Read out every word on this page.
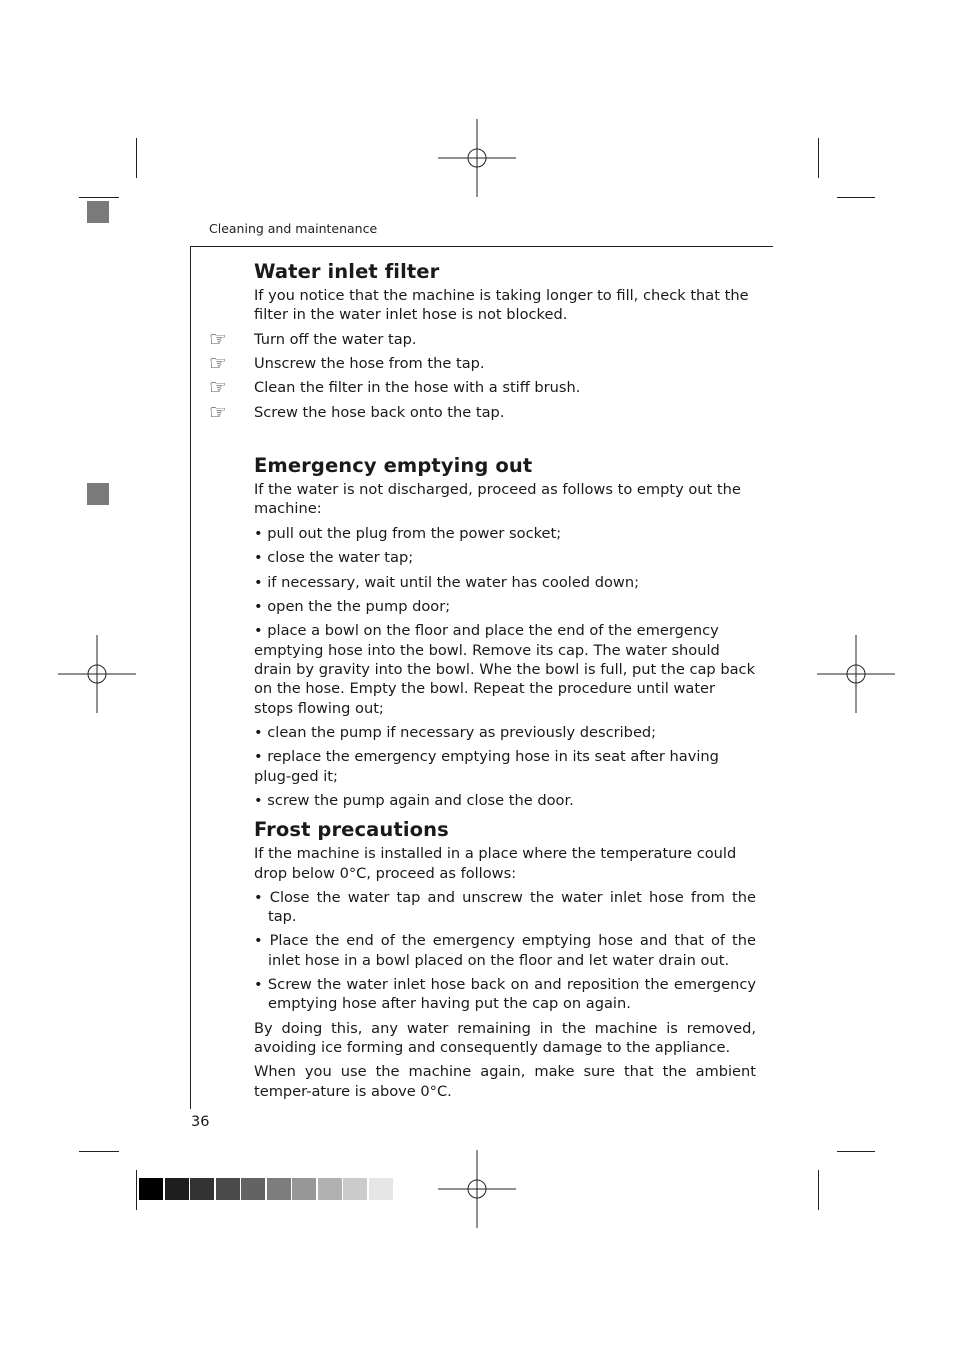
Cleaning and maintenance
Water inlet filter

If you notice that the machine is taking longer to fill, check that the filter in the water inlet hose is not blocked.

☞ Turn off the water tap.
☞ Unscrew the hose from the tap.
☞ Clean the filter in the hose with a stiff brush.
☞ Screw the hose back onto the tap.
Emergency emptying out

If the water is not discharged, proceed as follows to empty out the machine:

• pull out the plug from the power socket;
• close the water tap;
• if necessary, wait until the water has cooled down;
• open the the pump door;
• place a bowl on the floor and place the end of the emergency emptying hose into the bowl. Remove its cap. The water should drain by gravity into the bowl. Whe the bowl is full, put the cap back on the hose. Empty the bowl. Repeat the procedure until water stops flowing out;
• clean the pump if necessary as previously described;
• replace the emergency emptying hose in its seat after having plug-ged it;
• screw the pump again and close the door.
Frost precautions

If the machine is installed in a place where the temperature could drop below 0°C, proceed as follows:

• Close the water tap and unscrew the water inlet hose from the tap.
• Place the end of the emergency emptying hose and that of the inlet hose in a bowl placed on the floor and let water drain out.
• Screw the water inlet hose back on and reposition the emergency emptying hose after having put the cap on again.

By doing this, any water remaining in the machine is removed, avoiding ice forming and consequently damage to the appliance.

When you use the machine again, make sure that the ambient temper-ature is above 0°C.

36
